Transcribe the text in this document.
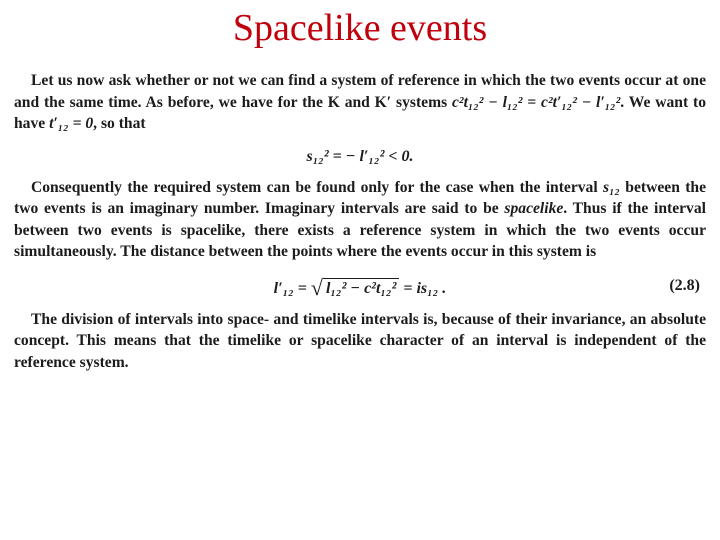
Spacelike events

Let us now ask whether or not we can find a system of reference in which the two events occur at one and the same time. As before, we have for the K and K′ systems c²t₁₂² − l₁₂² = c²t′₁₂² − l′₁₂². We want to have t′₁₂ = 0, so that

s₁₂² = − l′₁₂² < 0.

Consequently the required system can be found only for the case when the interval s₁₂ between the two events is an imaginary number. Imaginary intervals are said to be spacelike. Thus if the interval between two events is spacelike, there exists a reference system in which the two events occur simultaneously. The distance between the points where the events occur in this system is

l′₁₂ = √ l₁₂² − c²t₁₂² = is₁₂ .	(2.8)

The division of intervals into space- and timelike intervals is, because of their invariance, an absolute concept. This means that the timelike or spacelike character of an interval is independent of the reference system.
